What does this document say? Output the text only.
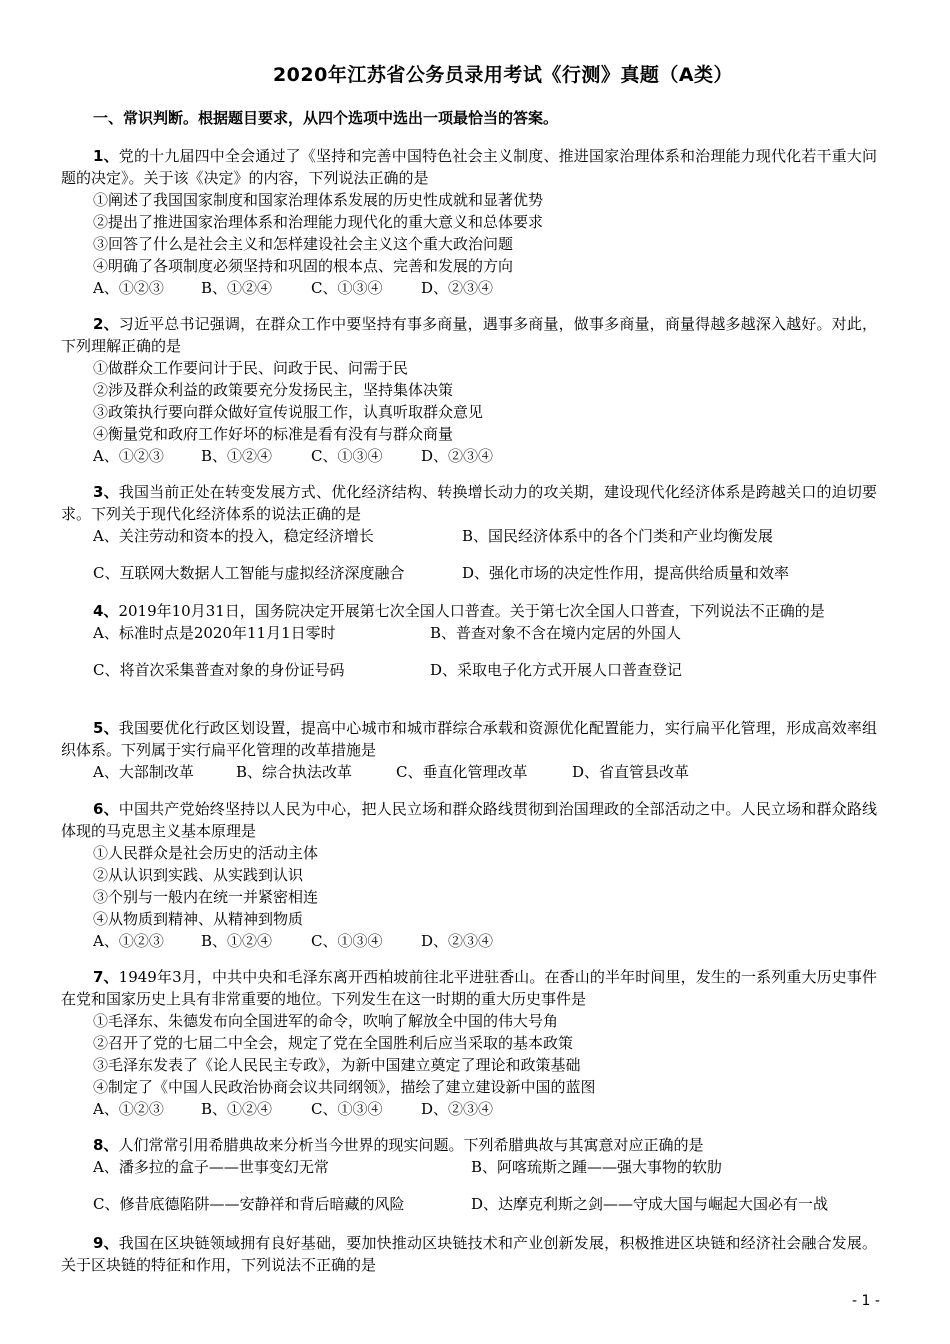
2020年江苏省公务员录用考试《行测》真题（A类）
一、常识判断。根据题目要求，从四个选项中选出一项最恰当的答案。
1、党的十九届四中全会通过了《坚持和完善中国特色社会主义制度、推进国家治理体系和治理能力现代化若干重大问题的决定》。关于该《决定》的内容，下列说法正确的是
①阐述了我国国家制度和国家治理体系发展的历史性成就和显著优势
②提出了推进国家治理体系和治理能力现代化的重大意义和总体要求
③回答了什么是社会主义和怎样建设社会主义这个重大政治问题
④明确了各项制度必须坚持和巩固的根本点、完善和发展的方向
A、①②③ B、①②④	C、①③④	D、②③④
2、习近平总书记强调，在群众工作中要坚持有事多商量，遇事多商量，做事多商量，商量得越多越深入越好。对此，下列理解正确的是
①做群众工作要问计于民、问政于民、问需于民
②涉及群众利益的政策要充分发扬民主，坚持集体决策
③政策执行要向群众做好宣传说服工作，认真听取群众意见
④衡量党和政府工作好坏的标准是看有没有与群众商量
A、①②③ B、①②④	C、①③④	D、②③④
3、我国当前正处在转变发展方式、优化经济结构、转换增长动力的攻关期，建设现代化经济体系是跨越关口的迫切要求。下列关于现代化经济体系的说法正确的是
A、关注劳动和资本的投入，稳定经济增长	B、国民经济体系中的各个门类和产业均衡发展
C、互联网大数据人工智能与虚拟经济深度融合	D、强化市场的决定性作用，提高供给质量和效率
4、2019年10月31日，国务院决定开展第七次全国人口普查。关于第七次全国人口普查，下列说法不正确的是
A、标准时点是2020年11月1日零时	B、普查对象不含在境内定居的外国人
C、将首次采集普查对象的身份证号码	D、采取电子化方式开展人口普查登记
5、我国要优化行政区划设置，提高中心城市和城市群综合承载和资源优化配置能力，实行扁平化管理，形成高效率组织体系。下列属于实行扁平化管理的改革措施是
A、大部制改革	B、综合执法改革	C、垂直化管理改革	D、省直管县改革
6、中国共产党始终坚持以人民为中心，把人民立场和群众路线贯彻到治国理政的全部活动之中。人民立场和群众路线体现的马克思主义基本原理是
①人民群众是社会历史的活动主体
②从认识到实践、从实践到认识
③个别与一般内在统一并紧密相连
④从物质到精神、从精神到物质
A、①②③ B、①②④	C、①③④	D、②③④
7、1949年3月，中共中央和毛泽东离开西柏坡前往北平进驻香山。在香山的半年时间里，发生的一系列重大历史事件在党和国家历史上具有非常重要的地位。下列发生在这一时期的重大历史事件是
①毛泽东、朱德发布向全国进军的命令，吹响了解放全中国的伟大号角
②召开了党的七届二中全会，规定了党在全国胜利后应当采取的基本政策
③毛泽东发表了《论人民民主专政》，为新中国建立奠定了理论和政策基础
④制定了《中国人民政治协商会议共同纲领》，描绘了建立建设新中国的蓝图
A、①②③ B、①②④	C、①③④	D、②③④
8、人们常常引用希腊典故来分析当今世界的现实问题。下列希腊典故与其寓意对应正确的是
A、潘多拉的盒子——世事变幻无常	B、阿喀琉斯之踵——强大事物的软肋
C、修昔底德陷阱——安静祥和背后暗藏的风险	D、达摩克利斯之剑——守成大国与崛起大国必有一战
9、我国在区块链领域拥有良好基础，要加快推动区块链技术和产业创新发展，积极推进区块链和经济社会融合发展。关于区块链的特征和作用，下列说法不正确的是
- 1 -
